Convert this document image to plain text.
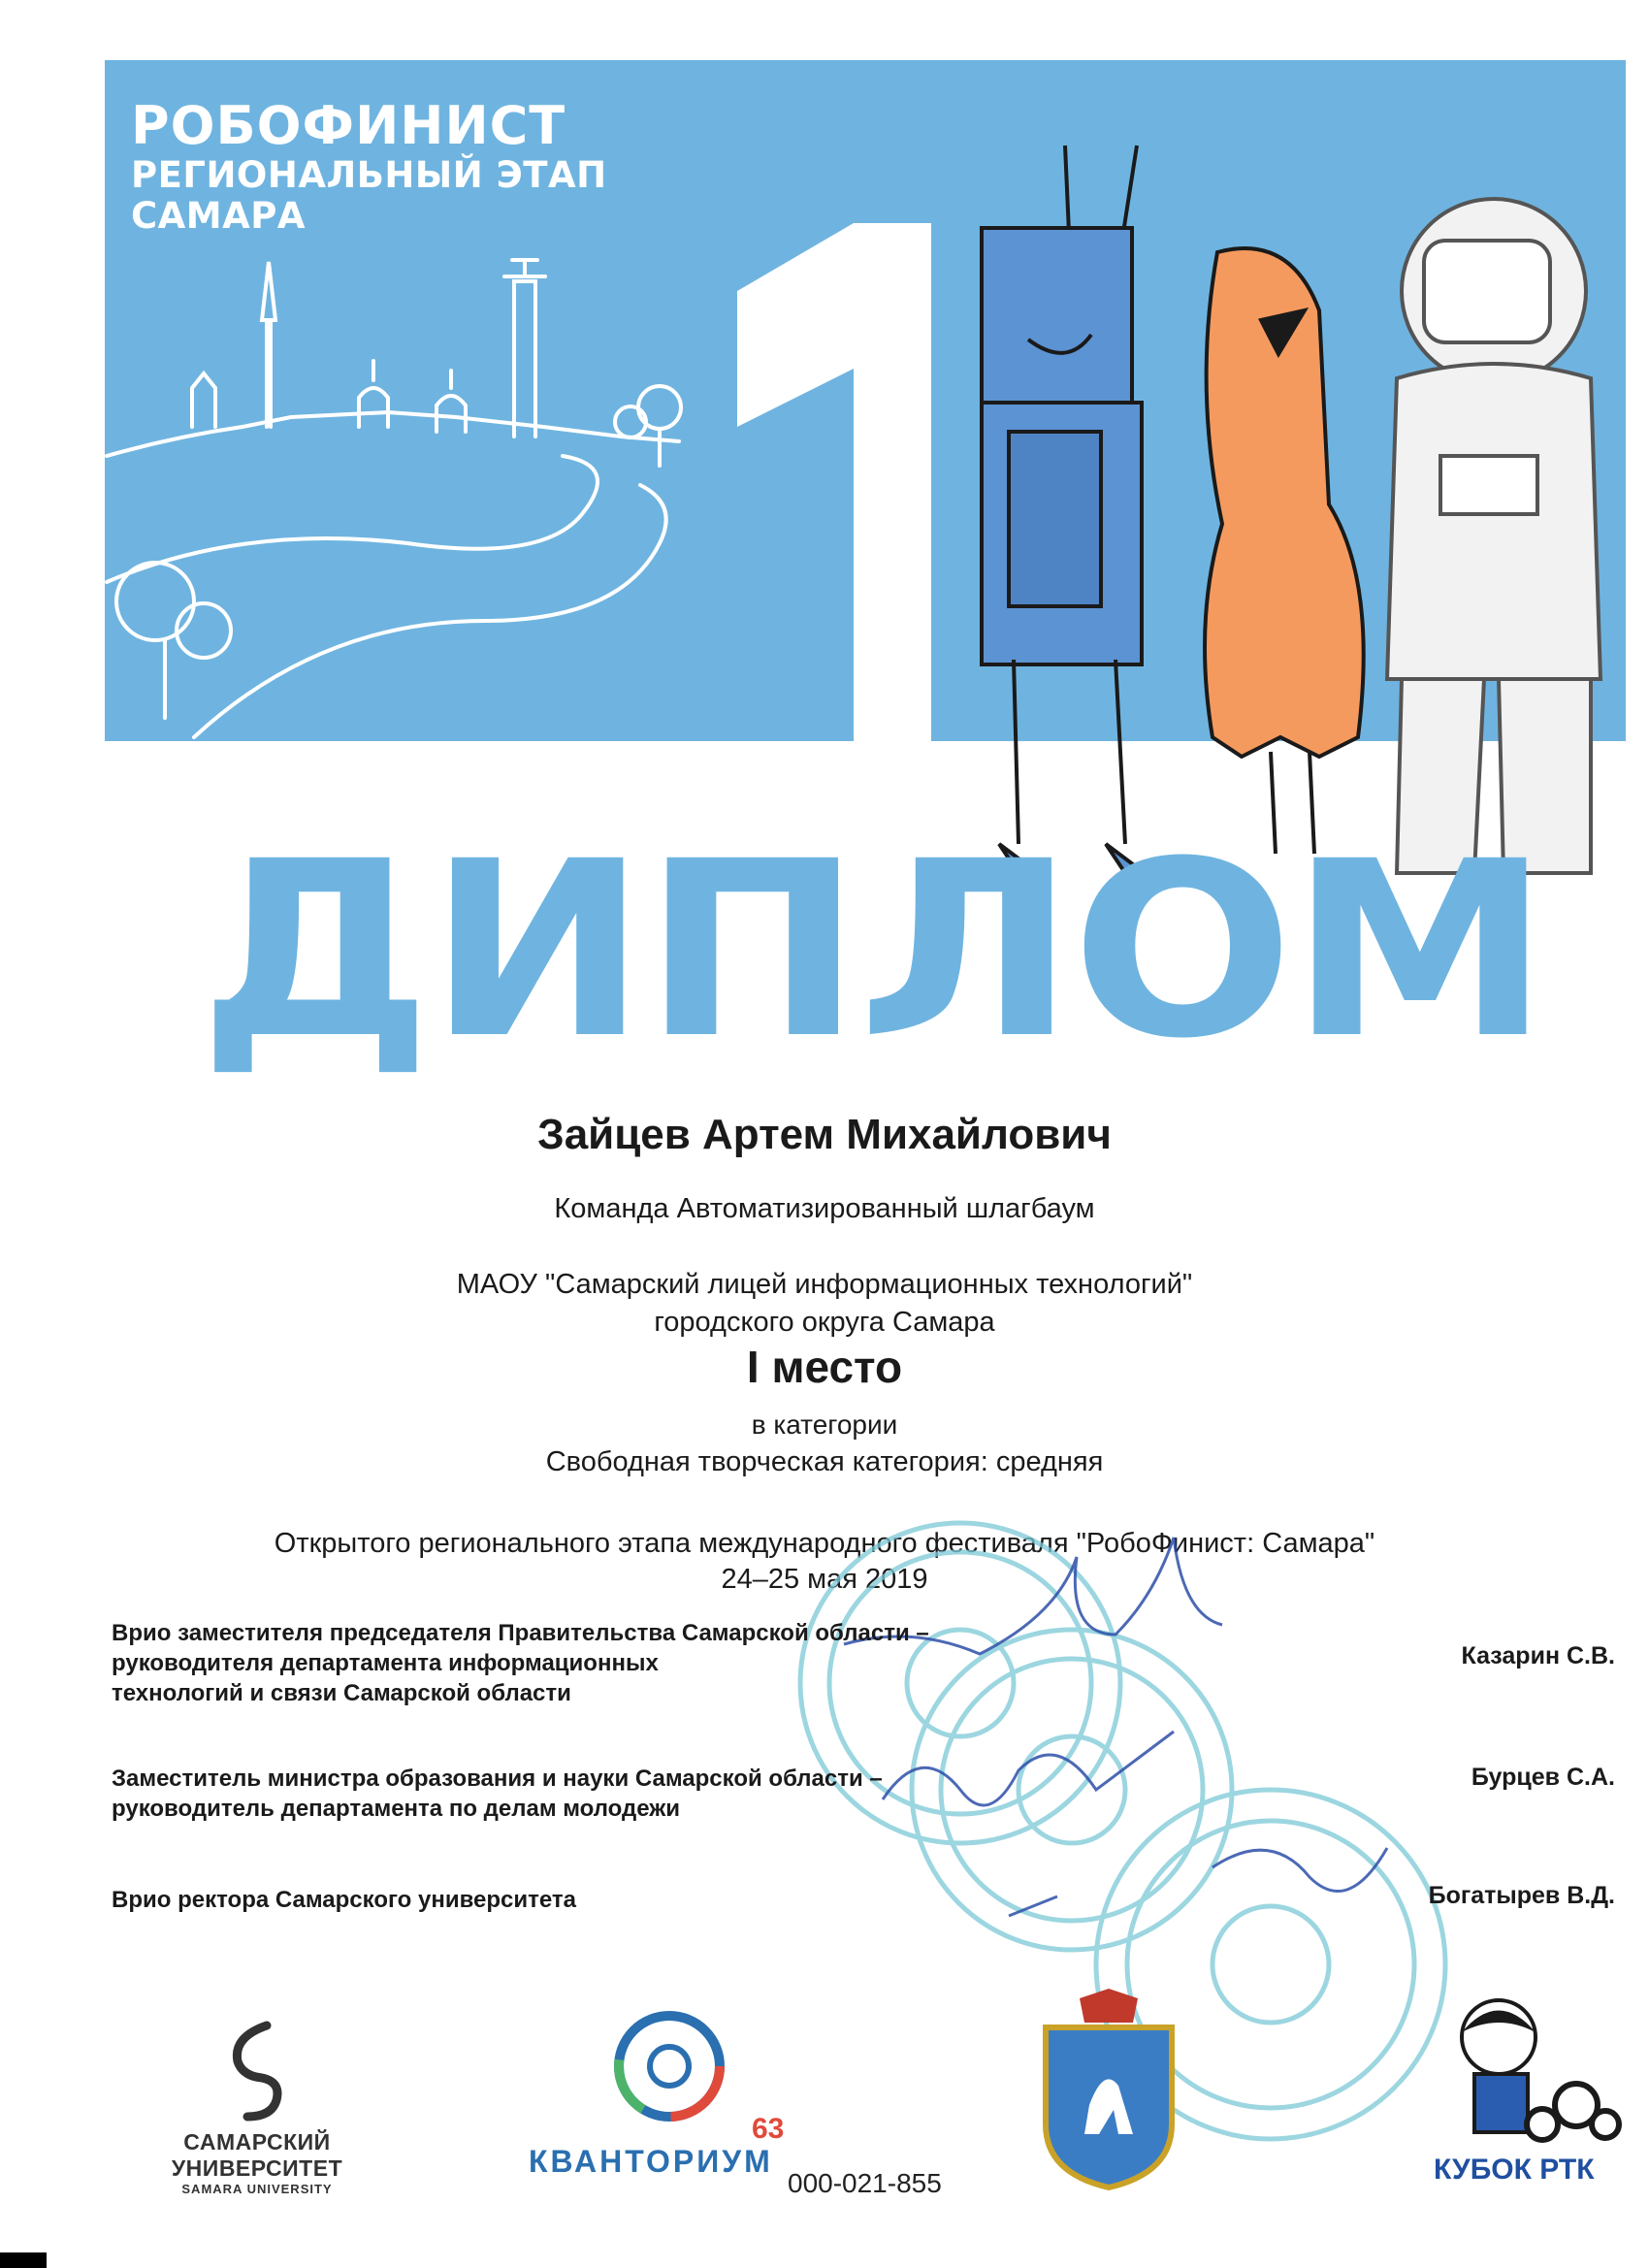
РОБОФИНИСТ
РЕГИОНАЛЬНЫЙ ЭТАП
САМАРА
ДИПЛОМ
Зайцев Артем Михайлович
Команда Автоматизированный шлагбаум
МАОУ "Самарский лицей информационных технологий"
городского округа Самара
I место
в категории
Свободная творческая категория: средняя
Открытого регионального этапа международного фестиваля "РобоФинист: Самара"
24–25 мая 2019
Врио заместителя председателя Правительства Самарской области –
руководителя департамента информационных
технологий и связи Самарской области
Казарин С.В.
Заместитель министра образования и науки Самарской области –
руководитель департамента по делам молодежи
Бурцев С.А.
Врио ректора Самарского университета	Богатырев В.Д.
САМАРСКИЙ УНИВЕРСИТЕТ
SAMARA UNIVERSITY
63
КВАНТОРИУМ
000-021-855	КУБОК РТК
